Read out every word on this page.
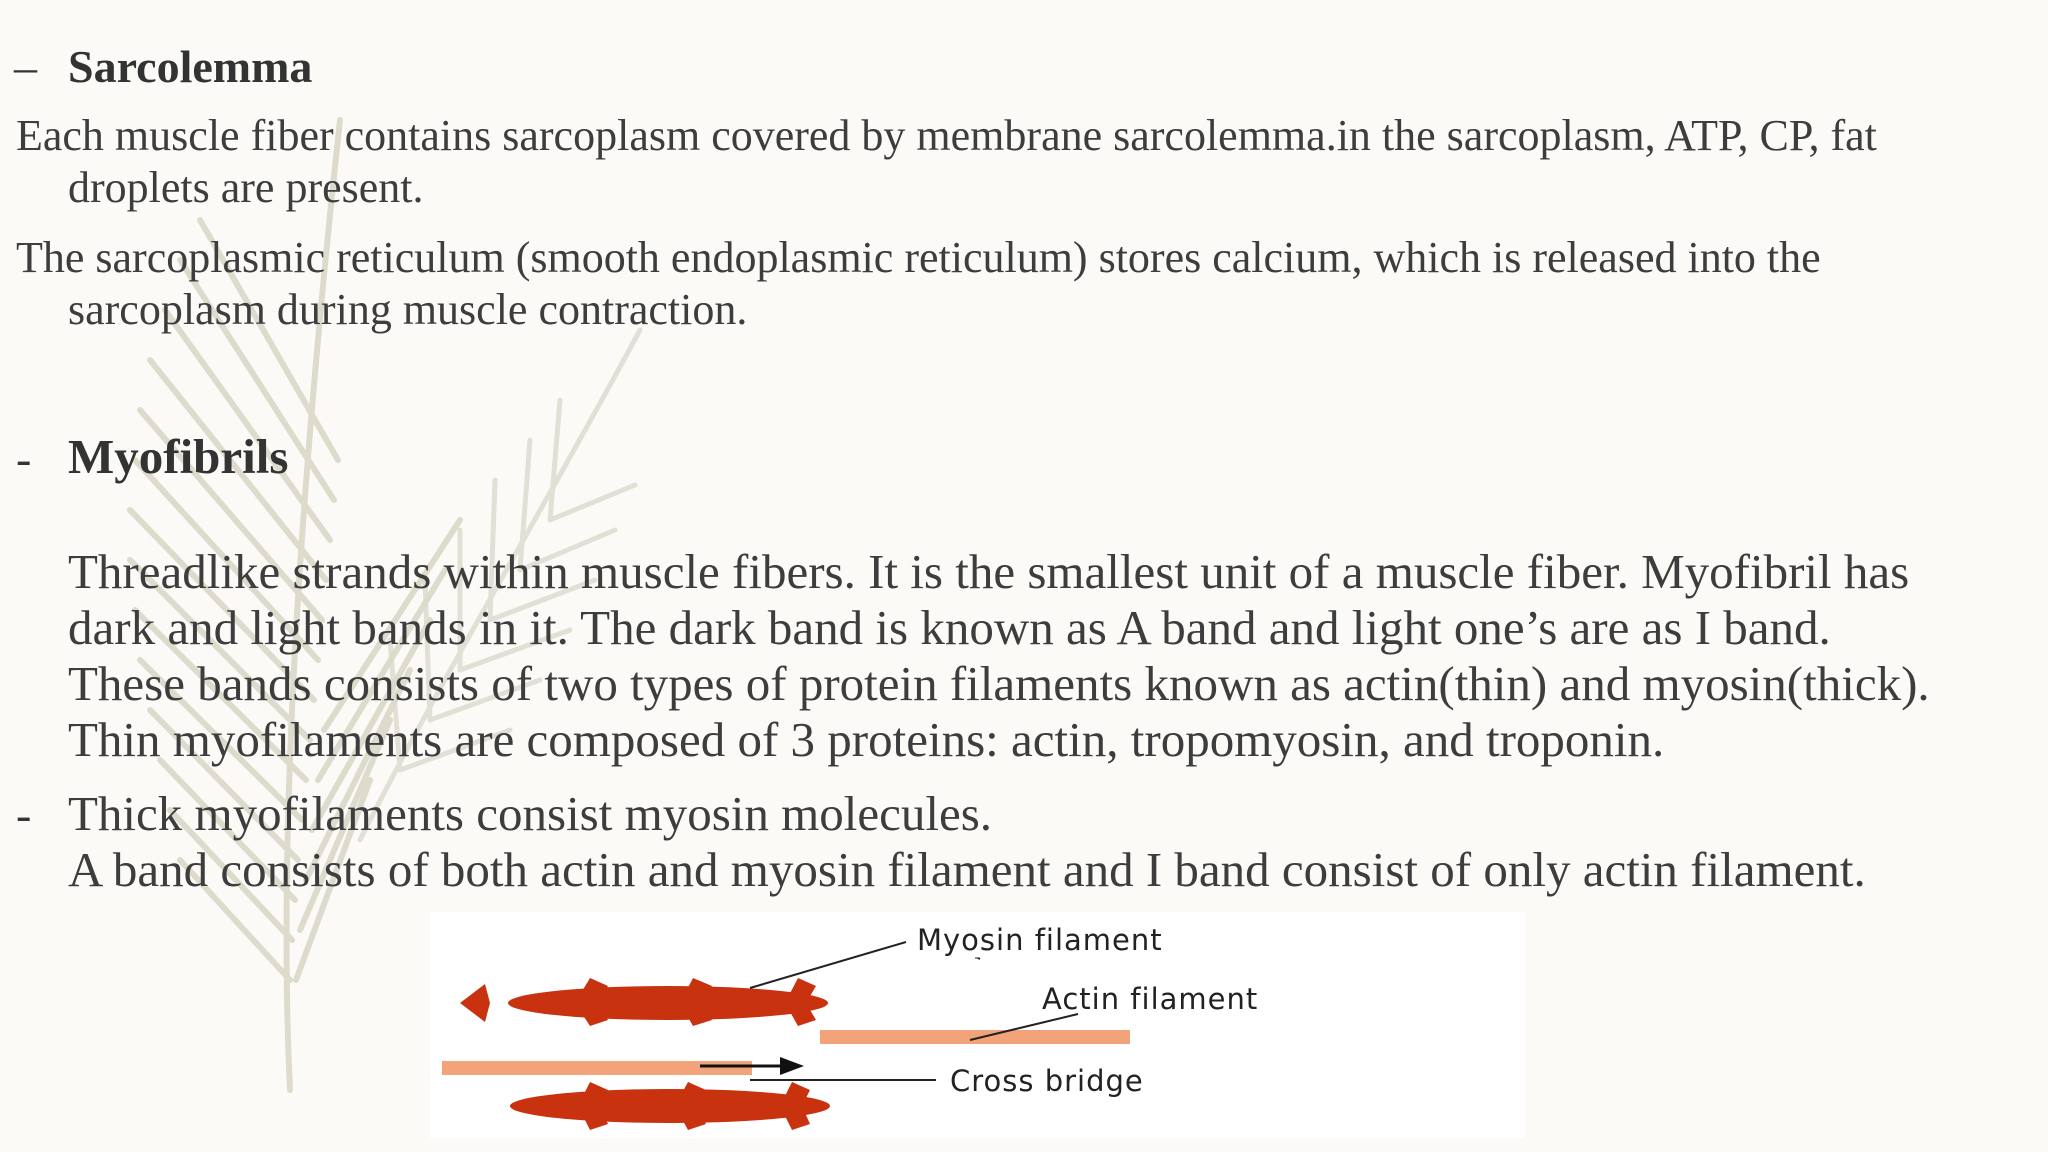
– Sarcolemma

Each muscle fiber contains sarcoplasm covered by membrane sarcolemma.in the sarcoplasm, ATP, CP, fat

droplets are present.

The sarcoplasmic reticulum (smooth endoplasmic reticulum) stores calcium, which is released into the

sarcoplasm during muscle contraction.

- Myofibrils

Threadlike strands within muscle fibers. It is the smallest unit of a muscle fiber. Myofibril has

dark and light bands in it. The dark band is known as A band and light one’s are as I band.

These bands consists of two types of protein filaments known as actin(thin) and myosin(thick).

Thin myofilaments are composed of 3 proteins: actin, tropomyosin, and troponin.

- Thick myofilaments consist myosin molecules.

A band consists of both actin and myosin filament and I band consist of only actin filament.

Myosin filament
Actin filament
Cross bridge
